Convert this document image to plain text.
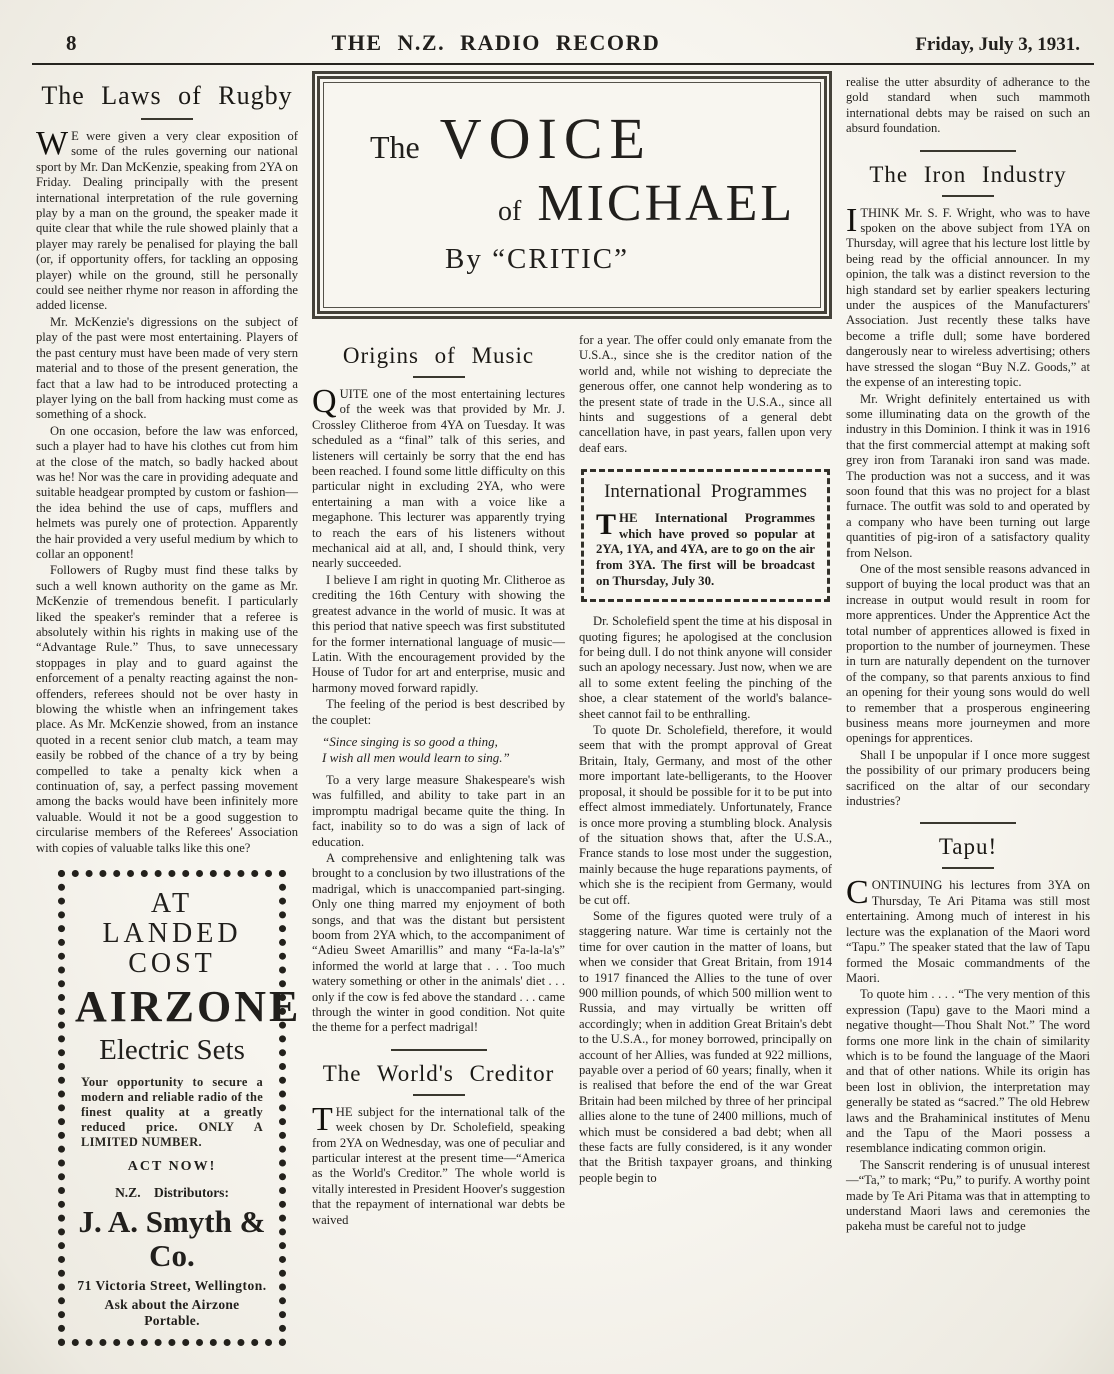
8	THE N.Z. RADIO RECORD	Friday, July 3, 1931.
The Laws of Rugby

WE were given a very clear exposition of some of the rules governing our national sport by Mr. Dan McKenzie, speaking from 2YA on Friday. Dealing principally with the present international interpretation of the rule governing play by a man on the ground, the speaker made it quite clear that while the rule showed plainly that a player may rarely be penalised for playing the ball (or, if opportunity offers, for tackling an opposing player) while on the ground, still he personally could see neither rhyme nor reason in affording the added license.

Mr. McKenzie's digressions on the subject of play of the past were most entertaining. Players of the past century must have been made of very stern material and to those of the present generation, the fact that a law had to be introduced protecting a player lying on the ball from hacking must come as something of a shock.

On one occasion, before the law was enforced, such a player had to have his clothes cut from him at the close of the match, so badly hacked about was he! Nor was the care in providing adequate and suitable headgear prompted by custom or fashion—the idea behind the use of caps, mufflers and helmets was purely one of protection. Apparently the hair provided a very useful medium by which to collar an opponent!

Followers of Rugby must find these talks by such a well known authority on the game as Mr. McKenzie of tremendous benefit. I particularly liked the speaker's reminder that a referee is absolutely within his rights in making use of the “Advantage Rule.” Thus, to save unnecessary stoppages in play and to guard against the enforcement of a penalty reacting against the non-offenders, referees should not be over hasty in blowing the whistle when an infringement takes place. As Mr. McKenzie showed, from an instance quoted in a recent senior club match, a team may easily be robbed of the chance of a try by being compelled to take a penalty kick when a continuation of, say, a perfect passing movement among the backs would have been infinitely more valuable. Would it not be a good suggestion to circularise members of the Referees' Association with copies of valuable talks like this one?

AT
LANDED
COST
AIRZONE
Electric Sets
Your opportunity to secure a modern and reliable radio of the finest quality at a greatly reduced price. ONLY A LIMITED NUMBER.
ACT NOW!
N.Z. Distributors:
J. A. Smyth & Co.
71 Victoria Street, Wellington.
Ask about the Airzone Portable.
The VOICE
of MICHAEL
By “CRITIC”
Origins of Music

QUITE one of the most entertaining lectures of the week was that provided by Mr. J. Crossley Clitheroe from 4YA on Tuesday. It was scheduled as a “final” talk of this series, and listeners will certainly be sorry that the end has been reached. I found some little difficulty on this particular night in excluding 2YA, who were entertaining a man with a voice like a megaphone. This lecturer was apparently trying to reach the ears of his listeners without mechanical aid at all, and, I should think, very nearly succeeded.

I believe I am right in quoting Mr. Clitheroe as crediting the 16th Century with showing the greatest advance in the world of music. It was at this period that native speech was first substituted for the former international language of music—Latin. With the encouragement provided by the House of Tudor for art and enterprise, music and harmony moved forward rapidly.

The feeling of the period is best described by the couplet:

“Since singing is so good a thing,
I wish all men would learn to sing.”

To a very large measure Shakespeare's wish was fulfilled, and ability to take part in an impromptu madrigal became quite the thing. In fact, inability so to do was a sign of lack of education.

A comprehensive and enlightening talk was brought to a conclusion by two illustrations of the madrigal, which is unaccompanied part-singing. Only one thing marred my enjoyment of both songs, and that was the distant but persistent boom from 2YA which, to the accompaniment of “Adieu Sweet Amarillis” and many “Fa-la-la's” informed the world at large that . . . Too much watery something or other in the animals' diet . . . only if the cow is fed above the standard . . . came through the winter in good condition. Not quite the theme for a perfect madrigal!

The World's Creditor

THE subject for the international talk of the week chosen by Dr. Scholefield, speaking from 2YA on Wednesday, was one of peculiar and particular interest at the present time—“America as the World's Creditor.” The whole world is vitally interested in President Hoover's suggestion that the repayment of international war debts be waived

for a year. The offer could only emanate from the U.S.A., since she is the creditor nation of the world and, while not wishing to depreciate the generous offer, one cannot help wondering as to the present state of trade in the U.S.A., since all hints and suggestions of a general debt cancellation have, in past years, fallen upon very deaf ears.

International Programmes

THE International Programmes which have proved so popular at 2YA, 1YA, and 4YA, are to go on the air from 3YA. The first will be broadcast on Thursday, July 30.

Dr. Scholefield spent the time at his disposal in quoting figures; he apologised at the conclusion for being dull. I do not think anyone will consider such an apology necessary. Just now, when we are all to some extent feeling the pinching of the shoe, a clear statement of the world's balance-sheet cannot fail to be enthralling.

To quote Dr. Scholefield, therefore, it would seem that with the prompt approval of Great Britain, Italy, Germany, and most of the other more important late-belligerants, to the Hoover proposal, it should be possible for it to be put into effect almost immediately. Unfortunately, France is once more proving a stumbling block. Analysis of the situation shows that, after the U.S.A., France stands to lose most under the suggestion, mainly because the huge reparations payments, of which she is the recipient from Germany, would be cut off.

Some of the figures quoted were truly of a staggering nature. War time is certainly not the time for over caution in the matter of loans, but when we consider that Great Britain, from 1914 to 1917 financed the Allies to the tune of over 900 million pounds, of which 500 million went to Russia, and may virtually be written off accordingly; when in addition Great Britain's debt to the U.S.A., for money borrowed, principally on account of her Allies, was funded at 922 millions, payable over a period of 60 years; finally, when it is realised that before the end of the war Great Britain had been milched by three of her principal allies alone to the tune of 2400 millions, much of which must be considered a bad debt; when all these facts are fully considered, is it any wonder that the British taxpayer groans, and thinking people begin to

realise the utter absurdity of adherance to the gold standard when such mammoth international debts may be raised on such an absurd foundation.

The Iron Industry

ITHINK Mr. S. F. Wright, who was to have spoken on the above subject from 1YA on Thursday, will agree that his lecture lost little by being read by the official announcer. In my opinion, the talk was a distinct reversion to the high standard set by earlier speakers lecturing under the auspices of the Manufacturers' Association. Just recently these talks have become a trifle dull; some have bordered dangerously near to wireless advertising; others have stressed the slogan “Buy N.Z. Goods,” at the expense of an interesting topic.

Mr. Wright definitely entertained us with some illuminating data on the growth of the industry in this Dominion. I think it was in 1916 that the first commercial attempt at making soft grey iron from Taranaki iron sand was made. The production was not a success, and it was soon found that this was no project for a blast furnace. The outfit was sold to and operated by a company who have been turning out large quantities of pig-iron of a satisfactory quality from Nelson.

One of the most sensible reasons advanced in support of buying the local product was that an increase in output would result in room for more apprentices. Under the Apprentice Act the total number of apprentices allowed is fixed in proportion to the number of journeymen. These in turn are naturally dependent on the turnover of the company, so that parents anxious to find an opening for their young sons would do well to remember that a prosperous engineering business means more journeymen and more openings for apprentices.

Shall I be unpopular if I once more suggest the possibility of our primary producers being sacrificed on the altar of our secondary industries?

Tapu!

CONTINUING his lectures from 3YA on Thursday, Te Ari Pitama was still most entertaining. Among much of interest in his lecture was the explanation of the Maori word “Tapu.” The speaker stated that the law of Tapu formed the Mosaic commandments of the Maori.

To quote him . . . . “The very mention of this expression (Tapu) gave to the Maori mind a negative thought—Thou Shalt Not.” The word forms one more link in the chain of similarity which is to be found the language of the Maori and that of other nations. While its origin has been lost in oblivion, the interpretation may generally be stated as “sacred.” The old Hebrew laws and the Brahaminical institutes of Menu and the Tapu of the Maori possess a resemblance indicating common origin.

The Sanscrit rendering is of unusual interest—“Ta,” to mark; “Pu,” to purify. A worthy point made by Te Ari Pitama was that in attempting to understand Maori laws and ceremonies the pakeha must be careful not to judge
